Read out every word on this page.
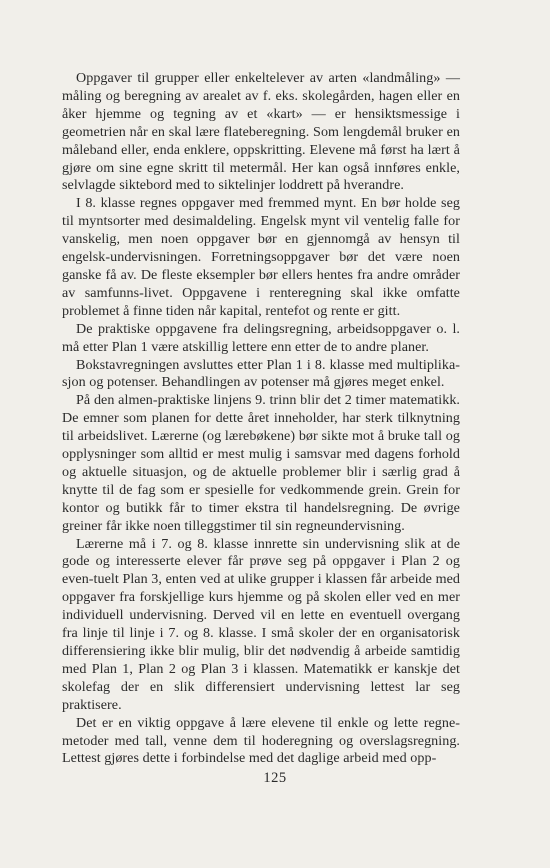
Oppgaver til grupper eller enkeltelever av arten «landmåling» — måling og beregning av arealet av f. eks. skolegården, hagen eller en åker hjemme og tegning av et «kart» — er hensiktsmessige i geometrien når en skal lære flateberegning. Som lengdemål bruker en måleband eller, enda enklere, oppskritting. Elevene må først ha lært å gjøre om sine egne skritt til metermål. Her kan også innføres enkle, selvlagde siktebord med to siktelinjer loddrett på hverandre.

I 8. klasse regnes oppgaver med fremmed mynt. En bør holde seg til myntsorter med desimaldeling. Engelsk mynt vil ventelig falle for vanskelig, men noen oppgaver bør en gjennomgå av hensyn til engelsk-undervisningen. Forretningsoppgaver bør det være noen ganske få av. De fleste eksempler bør ellers hentes fra andre områder av samfunns-livet. Oppgavene i renteregning skal ikke omfatte problemet å finne tiden når kapital, rentefot og rente er gitt.

De praktiske oppgavene fra delingsregning, arbeidsoppgaver o. l. må etter Plan 1 være atskillig lettere enn etter de to andre planer.

Bokstavregningen avsluttes etter Plan 1 i 8. klasse med multiplika-sjon og potenser. Behandlingen av potenser må gjøres meget enkel.

På den almen-praktiske linjens 9. trinn blir det 2 timer matematikk. De emner som planen for dette året inneholder, har sterk tilknytning til arbeidslivet. Lærerne (og lærebøkene) bør sikte mot å bruke tall og opplysninger som alltid er mest mulig i samsvar med dagens forhold og aktuelle situasjon, og de aktuelle problemer blir i særlig grad å knytte til de fag som er spesielle for vedkommende grein. Grein for kontor og butikk får to timer ekstra til handelsregning. De øvrige greiner får ikke noen tilleggstimer til sin regneundervisning.

Lærerne må i 7. og 8. klasse innrette sin undervisning slik at de gode og interesserte elever får prøve seg på oppgaver i Plan 2 og even-tuelt Plan 3, enten ved at ulike grupper i klassen får arbeide med oppgaver fra forskjellige kurs hjemme og på skolen eller ved en mer individuell undervisning. Derved vil en lette en eventuell overgang fra linje til linje i 7. og 8. klasse. I små skoler der en organisatorisk differensiering ikke blir mulig, blir det nødvendig å arbeide samtidig med Plan 1, Plan 2 og Plan 3 i klassen. Matematikk er kanskje det skolefag der en slik differensiert undervisning lettest lar seg praktisere.

Det er en viktig oppgave å lære elevene til enkle og lette regne-metoder med tall, venne dem til hoderegning og overslagsregning. Lettest gjøres dette i forbindelse med det daglige arbeid med opp-

125
